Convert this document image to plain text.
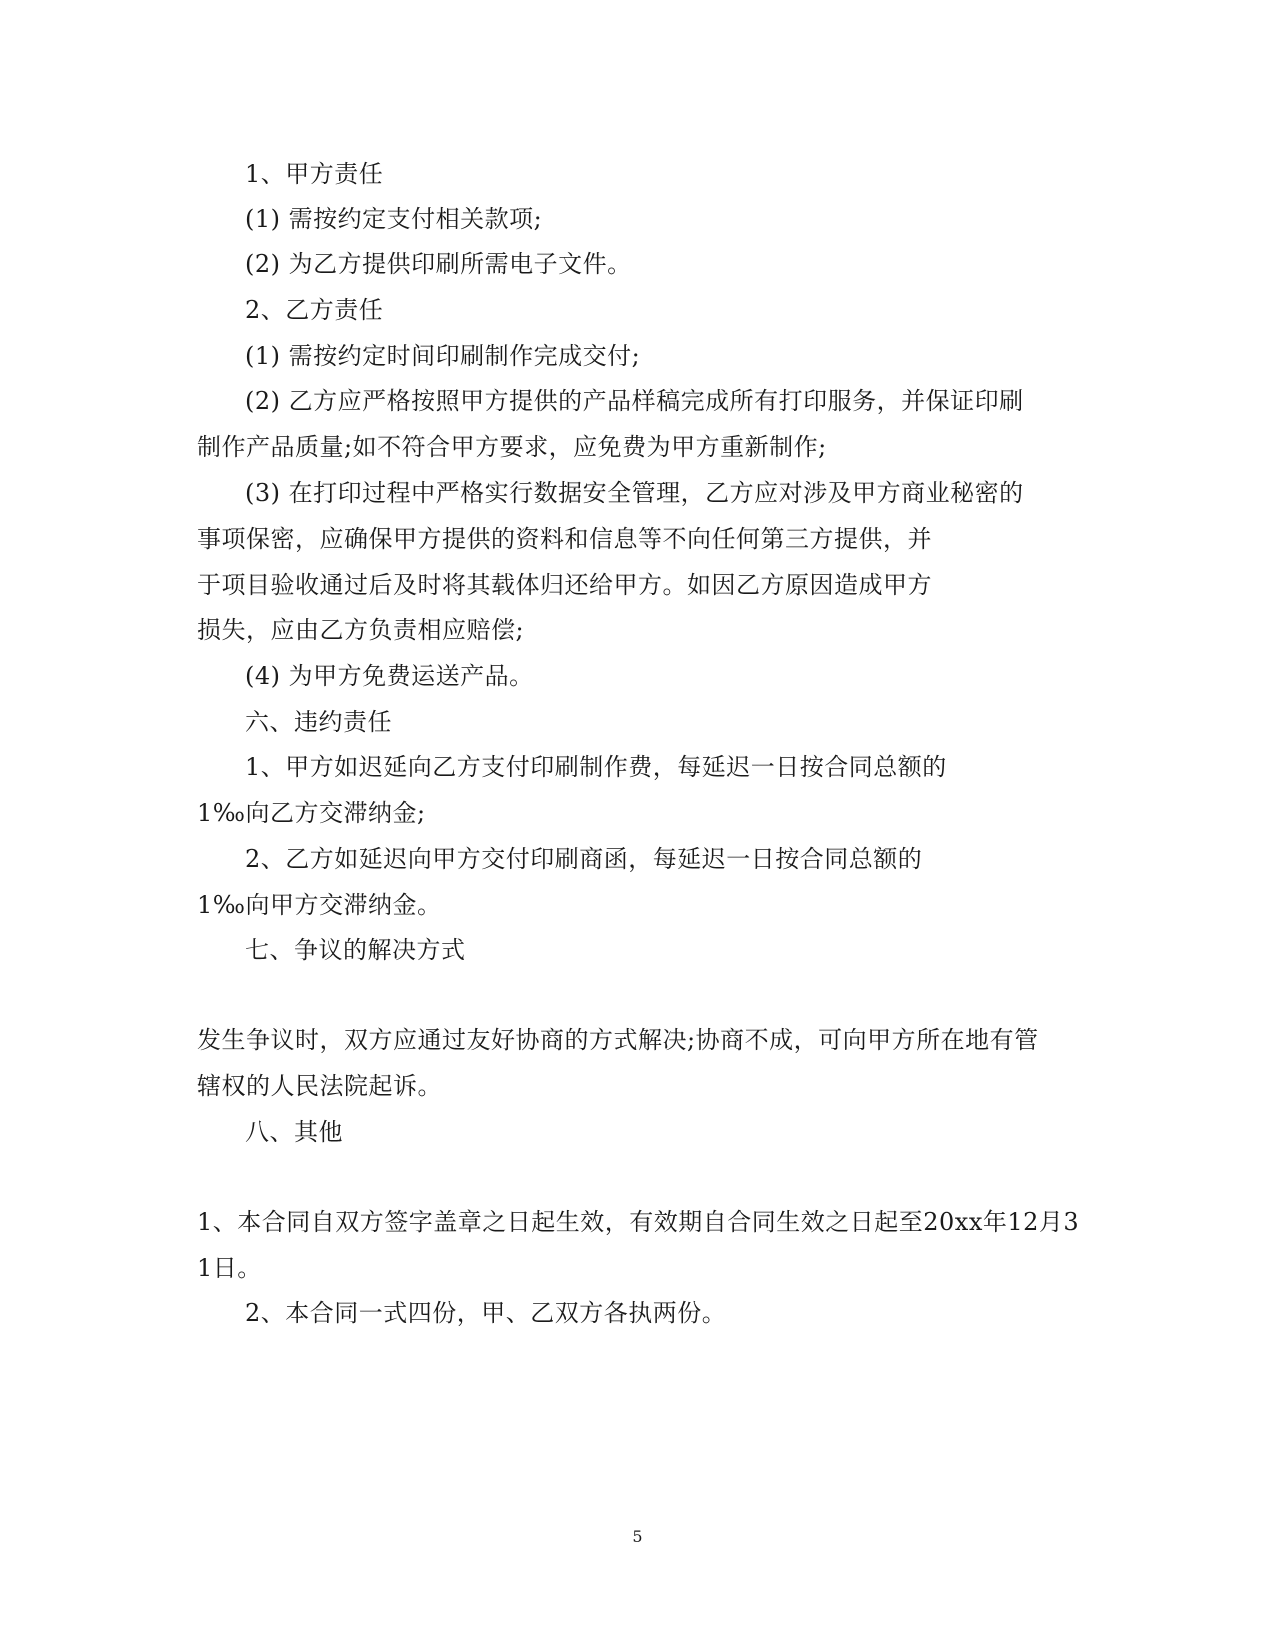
1、甲方责任
(1) 需按约定支付相关款项;
(2) 为乙方提供印刷所需电子文件。
2、乙方责任
(1) 需按约定时间印刷制作完成交付;
(2) 乙方应严格按照甲方提供的产品样稿完成所有打印服务，并保证印刷
制作产品质量;如不符合甲方要求，应免费为甲方重新制作;
(3) 在打印过程中严格实行数据安全管理，乙方应对涉及甲方商业秘密的
事项保密，应确保甲方提供的资料和信息等不向任何第三方提供，并
于项目验收通过后及时将其载体归还给甲方。如因乙方原因造成甲方
损失，应由乙方负责相应赔偿;
(4) 为甲方免费运送产品。
六、违约责任
1、甲方如迟延向乙方支付印刷制作费，每延迟一日按合同总额的
1‰向乙方交滞纳金;
2、乙方如延迟向甲方交付印刷商函，每延迟一日按合同总额的
1‰向甲方交滞纳金。
七、争议的解决方式
发生争议时，双方应通过友好协商的方式解决;协商不成，可向甲方所在地有管
辖权的人民法院起诉。
八、其他
1、本合同自双方签字盖章之日起生效，有效期自合同生效之日起至20xx年12月3
1日。
2、本合同一式四份，甲、乙双方各执两份。
5
